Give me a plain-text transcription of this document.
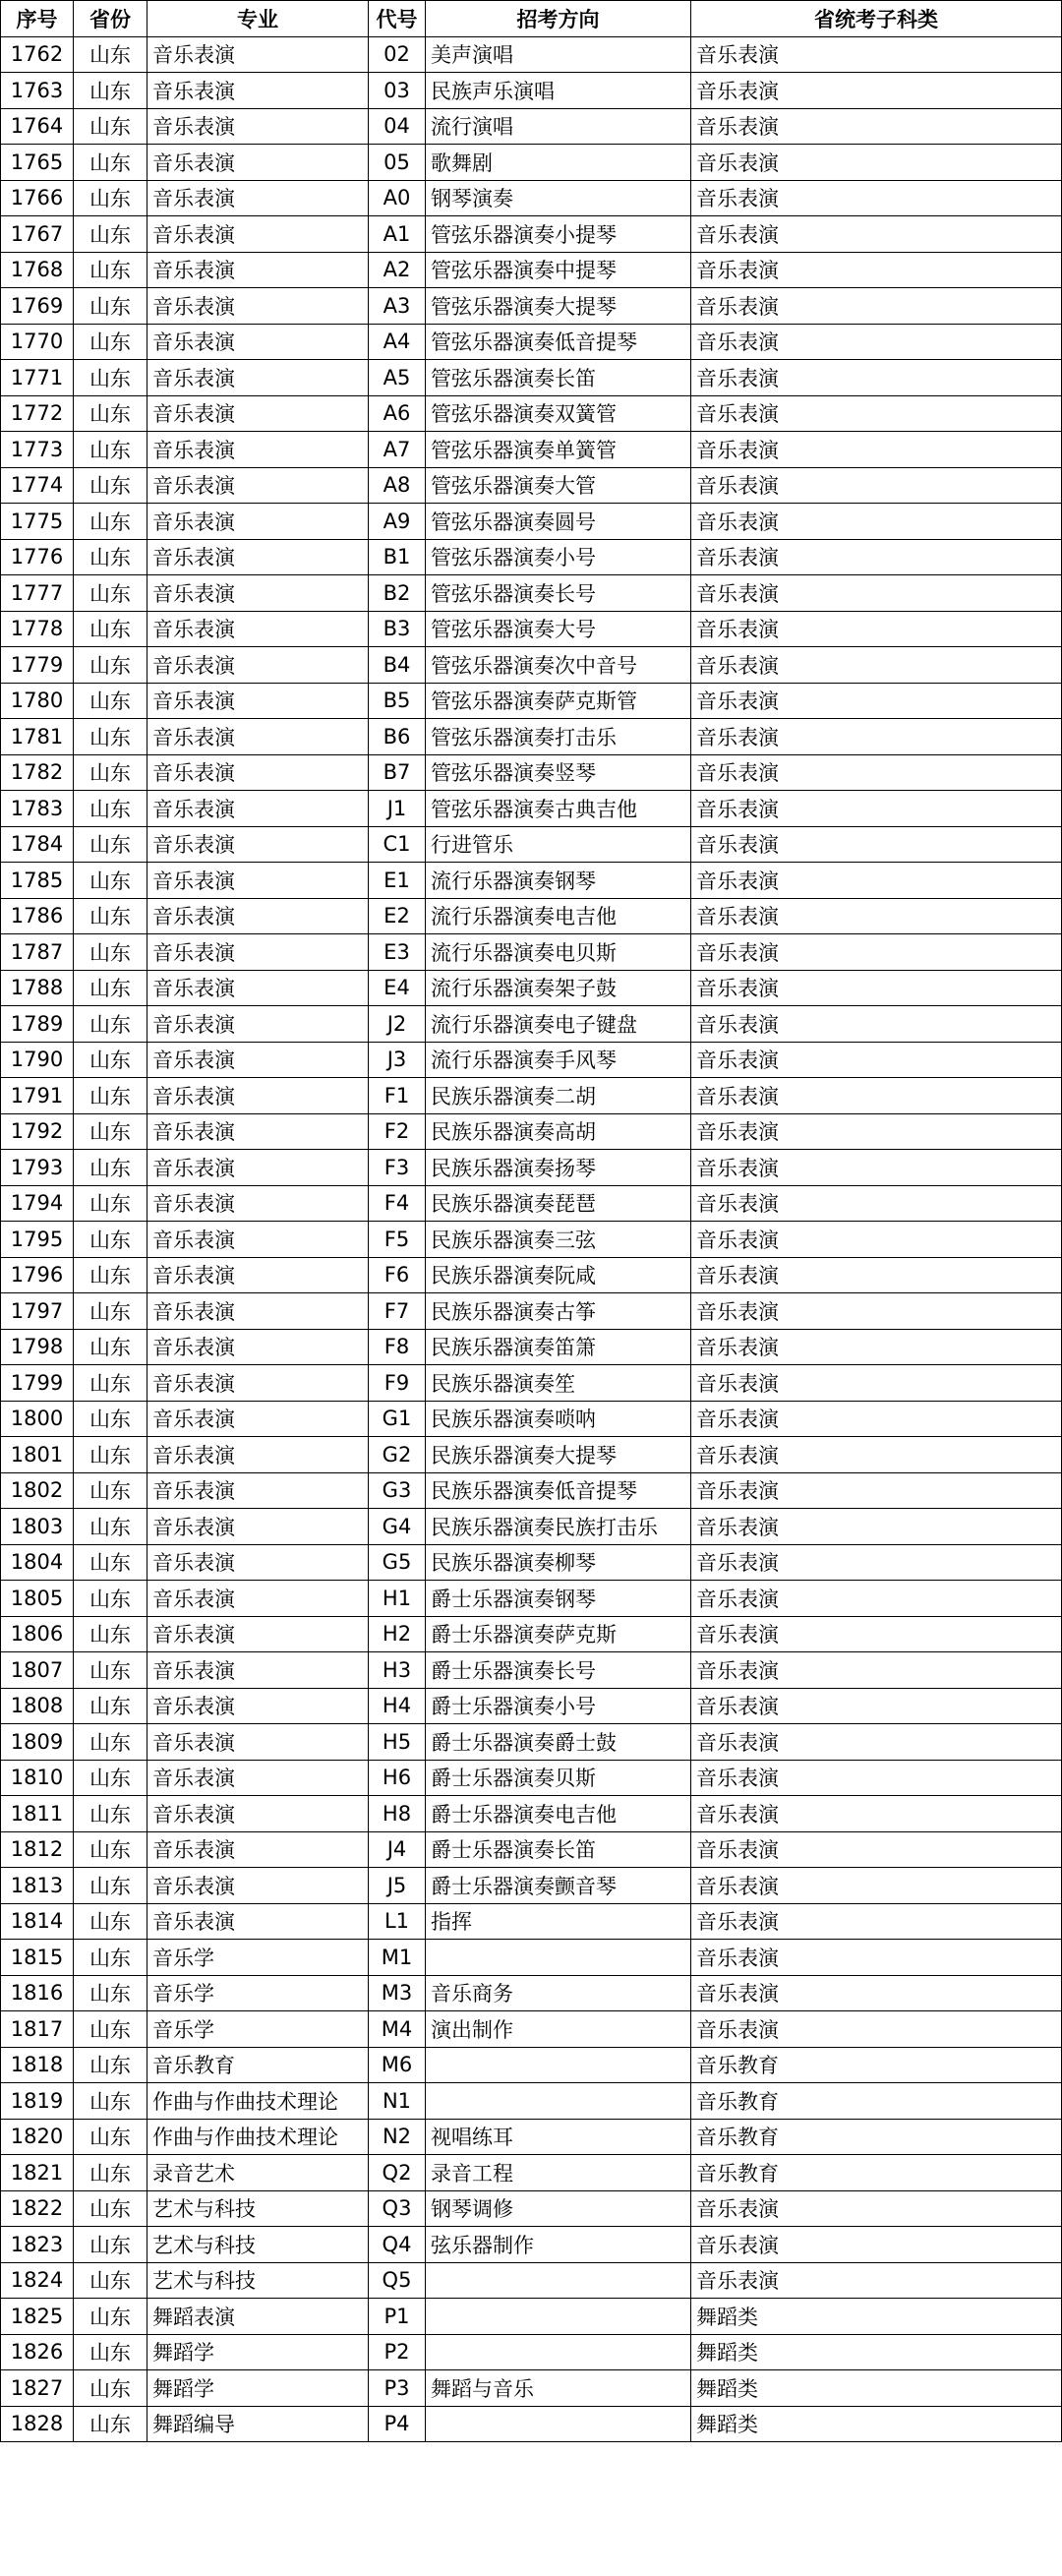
序号	省份	专业	代号	招考方向	省统考子科类
1762	山东	音乐表演	02	美声演唱	音乐表演
1763	山东	音乐表演	03	民族声乐演唱	音乐表演
1764	山东	音乐表演	04	流行演唱	音乐表演
1765	山东	音乐表演	05	歌舞剧	音乐表演
1766	山东	音乐表演	A0	钢琴演奏	音乐表演
1767	山东	音乐表演	A1	管弦乐器演奏小提琴	音乐表演
1768	山东	音乐表演	A2	管弦乐器演奏中提琴	音乐表演
1769	山东	音乐表演	A3	管弦乐器演奏大提琴	音乐表演
1770	山东	音乐表演	A4	管弦乐器演奏低音提琴	音乐表演
1771	山东	音乐表演	A5	管弦乐器演奏长笛	音乐表演
1772	山东	音乐表演	A6	管弦乐器演奏双簧管	音乐表演
1773	山东	音乐表演	A7	管弦乐器演奏单簧管	音乐表演
1774	山东	音乐表演	A8	管弦乐器演奏大管	音乐表演
1775	山东	音乐表演	A9	管弦乐器演奏圆号	音乐表演
1776	山东	音乐表演	B1	管弦乐器演奏小号	音乐表演
1777	山东	音乐表演	B2	管弦乐器演奏长号	音乐表演
1778	山东	音乐表演	B3	管弦乐器演奏大号	音乐表演
1779	山东	音乐表演	B4	管弦乐器演奏次中音号	音乐表演
1780	山东	音乐表演	B5	管弦乐器演奏萨克斯管	音乐表演
1781	山东	音乐表演	B6	管弦乐器演奏打击乐	音乐表演
1782	山东	音乐表演	B7	管弦乐器演奏竖琴	音乐表演
1783	山东	音乐表演	J1	管弦乐器演奏古典吉他	音乐表演
1784	山东	音乐表演	C1	行进管乐	音乐表演
1785	山东	音乐表演	E1	流行乐器演奏钢琴	音乐表演
1786	山东	音乐表演	E2	流行乐器演奏电吉他	音乐表演
1787	山东	音乐表演	E3	流行乐器演奏电贝斯	音乐表演
1788	山东	音乐表演	E4	流行乐器演奏架子鼓	音乐表演
1789	山东	音乐表演	J2	流行乐器演奏电子键盘	音乐表演
1790	山东	音乐表演	J3	流行乐器演奏手风琴	音乐表演
1791	山东	音乐表演	F1	民族乐器演奏二胡	音乐表演
1792	山东	音乐表演	F2	民族乐器演奏高胡	音乐表演
1793	山东	音乐表演	F3	民族乐器演奏扬琴	音乐表演
1794	山东	音乐表演	F4	民族乐器演奏琵琶	音乐表演
1795	山东	音乐表演	F5	民族乐器演奏三弦	音乐表演
1796	山东	音乐表演	F6	民族乐器演奏阮咸	音乐表演
1797	山东	音乐表演	F7	民族乐器演奏古筝	音乐表演
1798	山东	音乐表演	F8	民族乐器演奏笛箫	音乐表演
1799	山东	音乐表演	F9	民族乐器演奏笙	音乐表演
1800	山东	音乐表演	G1	民族乐器演奏唢呐	音乐表演
1801	山东	音乐表演	G2	民族乐器演奏大提琴	音乐表演
1802	山东	音乐表演	G3	民族乐器演奏低音提琴	音乐表演
1803	山东	音乐表演	G4	民族乐器演奏民族打击乐	音乐表演
1804	山东	音乐表演	G5	民族乐器演奏柳琴	音乐表演
1805	山东	音乐表演	H1	爵士乐器演奏钢琴	音乐表演
1806	山东	音乐表演	H2	爵士乐器演奏萨克斯	音乐表演
1807	山东	音乐表演	H3	爵士乐器演奏长号	音乐表演
1808	山东	音乐表演	H4	爵士乐器演奏小号	音乐表演
1809	山东	音乐表演	H5	爵士乐器演奏爵士鼓	音乐表演
1810	山东	音乐表演	H6	爵士乐器演奏贝斯	音乐表演
1811	山东	音乐表演	H8	爵士乐器演奏电吉他	音乐表演
1812	山东	音乐表演	J4	爵士乐器演奏长笛	音乐表演
1813	山东	音乐表演	J5	爵士乐器演奏颤音琴	音乐表演
1814	山东	音乐表演	L1	指挥	音乐表演
1815	山东	音乐学	M1		音乐表演
1816	山东	音乐学	M3	音乐商务	音乐表演
1817	山东	音乐学	M4	演出制作	音乐表演
1818	山东	音乐教育	M6		音乐教育
1819	山东	作曲与作曲技术理论	N1		音乐教育
1820	山东	作曲与作曲技术理论	N2	视唱练耳	音乐教育
1821	山东	录音艺术	Q2	录音工程	音乐教育
1822	山东	艺术与科技	Q3	钢琴调修	音乐表演
1823	山东	艺术与科技	Q4	弦乐器制作	音乐表演
1824	山东	艺术与科技	Q5		音乐表演
1825	山东	舞蹈表演	P1		舞蹈类
1826	山东	舞蹈学	P2		舞蹈类
1827	山东	舞蹈学	P3	舞蹈与音乐	舞蹈类
1828	山东	舞蹈编导	P4		舞蹈类
